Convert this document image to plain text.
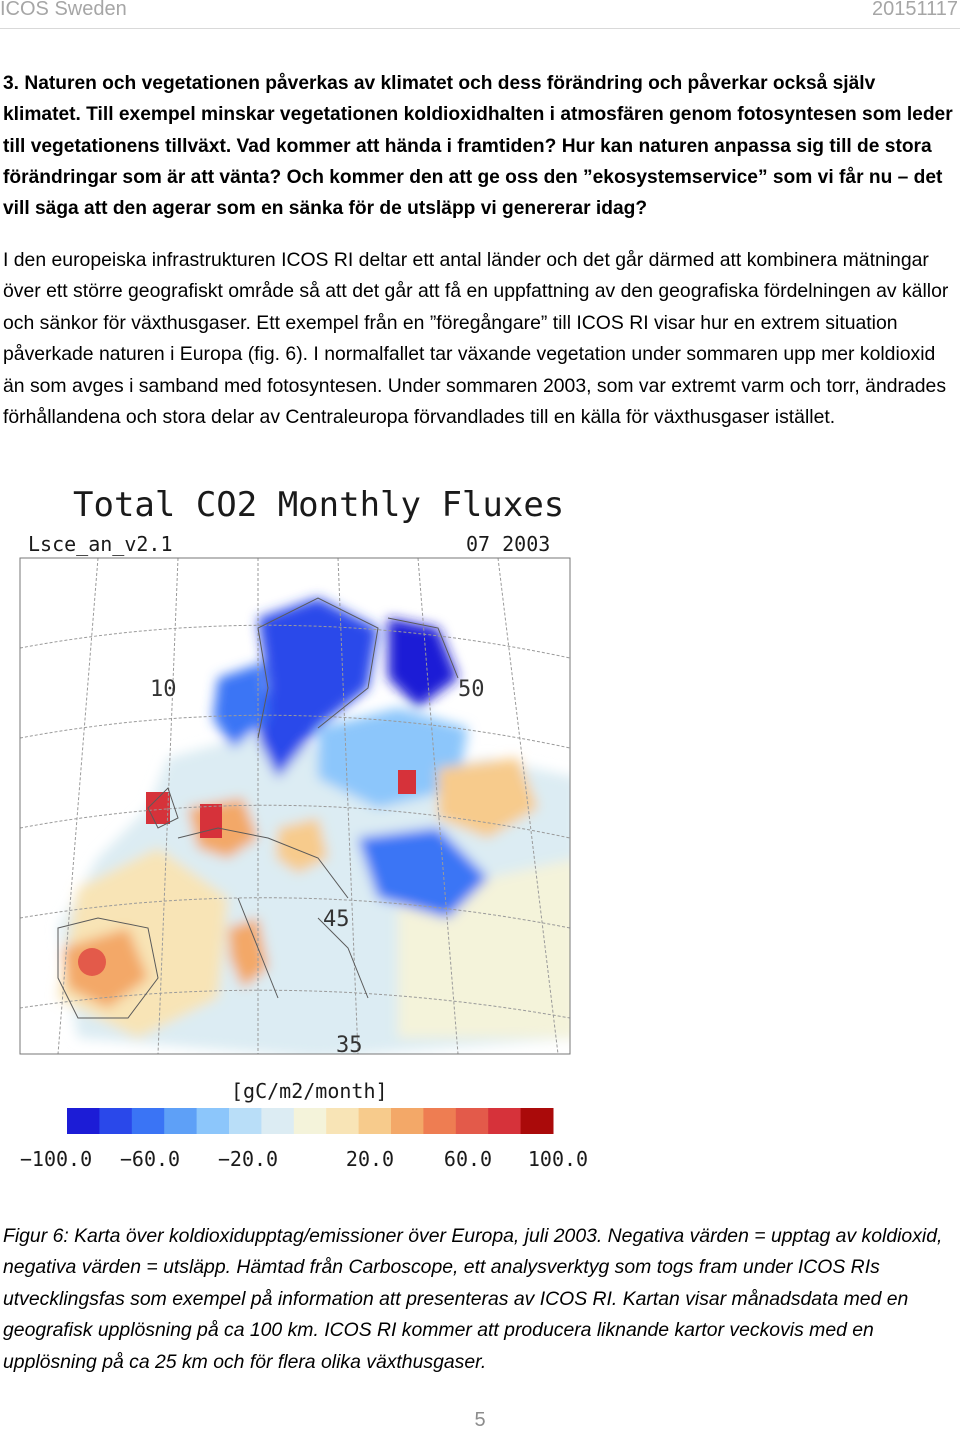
ICOS Sweden	20151117

3. Naturen och vegetationen påverkas av klimatet och dess förändring och påverkar också själv klimatet. Till exempel minskar vegetationen koldioxidhalten i atmosfären genom fotosyntesen som leder till vegetationens tillväxt. Vad kommer att hända i framtiden? Hur kan naturen anpassa sig till de stora förändringar som är att vänta? Och kommer den att ge oss den ”ekosystemservice” som vi får nu – det vill säga att den agerar som en sänka för de utsläpp vi genererar idag?

I den europeiska infrastrukturen ICOS RI deltar ett antal länder och det går därmed att kombinera mätningar över ett större geografiskt område så att det går att få en uppfattning av den geografiska fördelningen av källor och sänkor för växthusgaser. Ett exempel från en ”föregångare” till ICOS RI visar hur en extrem situation påverkade naturen i Europa (fig. 6). I normalfallet tar växande vegetation under sommaren upp mer koldioxid än som avges i samband med fotosyntesen. Under sommaren 2003, som var extremt varm och torr, ändrades förhållandena och stora delar av Centraleuropa förvandlades till en källa för växthusgaser istället.

Total CO2 Monthly Fluxes
Lsce_an_v2.1	07 2003
10	50
45
35
[gC/m2/month]
−100.0 −60.0 −20.0	20.0 60.0 100.0

Figur 6: Karta över koldioxidupptag/emissioner över Europa, juli 2003. Negativa värden = upptag av koldioxid, negativa värden = utsläpp. Hämtad från Carboscope, ett analysverktyg som togs fram under ICOS RIs utvecklingsfas som exempel på information att presenteras av ICOS RI. Kartan visar månadsdata med en geografisk upplösning på ca 100 km. ICOS RI kommer att producera liknande kartor veckovis med en upplösning på ca 25 km och för flera olika växthusgaser.

5
